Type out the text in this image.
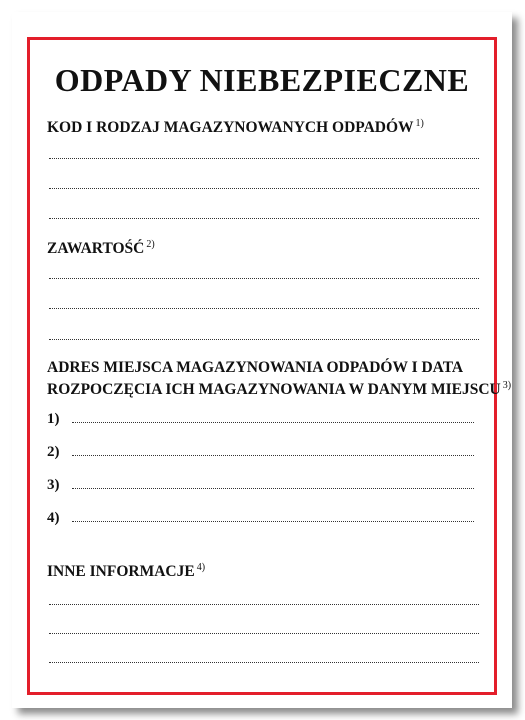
ODPADY NIEBEZPIECZNE
KOD I RODZAJ MAGAZYNOWANYCH ODPADÓW $^{1)}$
ZAWARTOŚĆ $^{2)}$
ADRES MIEJSCA MAGAZYNOWANIA ODPADÓW I DATA
ROZPOCZĘCIA ICH MAGAZYNOWANIA W DANYM MIEJSCU $^{3)}$
1)
2)
3)
4)
INNE INFORMACJE $^{4)}$
